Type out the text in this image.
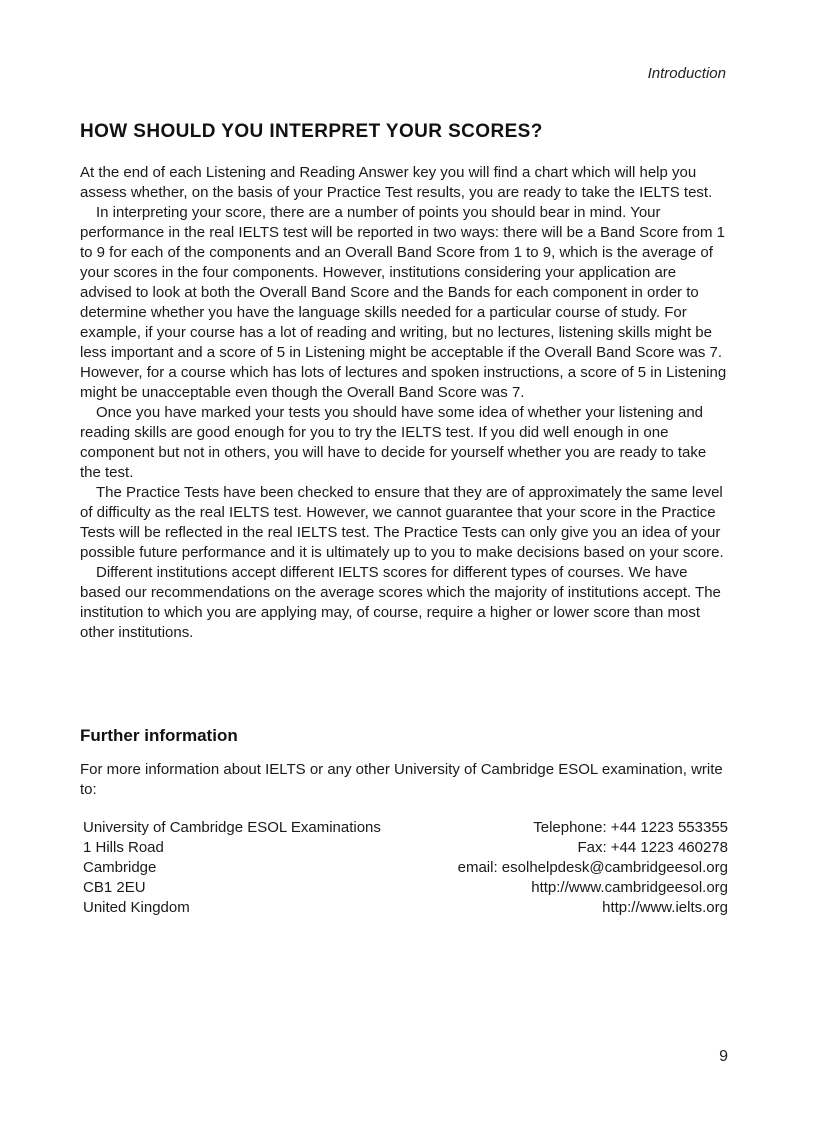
Introduction
HOW SHOULD YOU INTERPRET YOUR SCORES?

At the end of each Listening and Reading Answer key you will find a chart which will help you assess whether, on the basis of your Practice Test results, you are ready to take the IELTS test.

In interpreting your score, there are a number of points you should bear in mind. Your performance in the real IELTS test will be reported in two ways: there will be a Band Score from 1 to 9 for each of the components and an Overall Band Score from 1 to 9, which is the average of your scores in the four components. However, institutions considering your application are advised to look at both the Overall Band Score and the Bands for each component in order to determine whether you have the language skills needed for a particular course of study. For example, if your course has a lot of reading and writing, but no lectures, listening skills might be less important and a score of 5 in Listening might be acceptable if the Overall Band Score was 7. However, for a course which has lots of lectures and spoken instructions, a score of 5 in Listening might be unacceptable even though the Overall Band Score was 7.

Once you have marked your tests you should have some idea of whether your listening and reading skills are good enough for you to try the IELTS test. If you did well enough in one component but not in others, you will have to decide for yourself whether you are ready to take the test.

The Practice Tests have been checked to ensure that they are of approximately the same level of difficulty as the real IELTS test. However, we cannot guarantee that your score in the Practice Tests will be reflected in the real IELTS test. The Practice Tests can only give you an idea of your possible future performance and it is ultimately up to you to make decisions based on your score.

Different institutions accept different IELTS scores for different types of courses. We have based our recommendations on the average scores which the majority of institutions accept. The institution to which you are applying may, of course, require a higher or lower score than most other institutions.

Further information
For more information about IELTS or any other University of Cambridge ESOL examination, write to:
University of Cambridge ESOL Examinations
1 Hills Road
Cambridge
CB1 2EU
United Kingdom
Telephone: +44 1223 553355
Fax: +44 1223 460278
email: esolhelpdesk@cambridgeesol.org
http://www.cambridgeesol.org
http://www.ielts.org
9
